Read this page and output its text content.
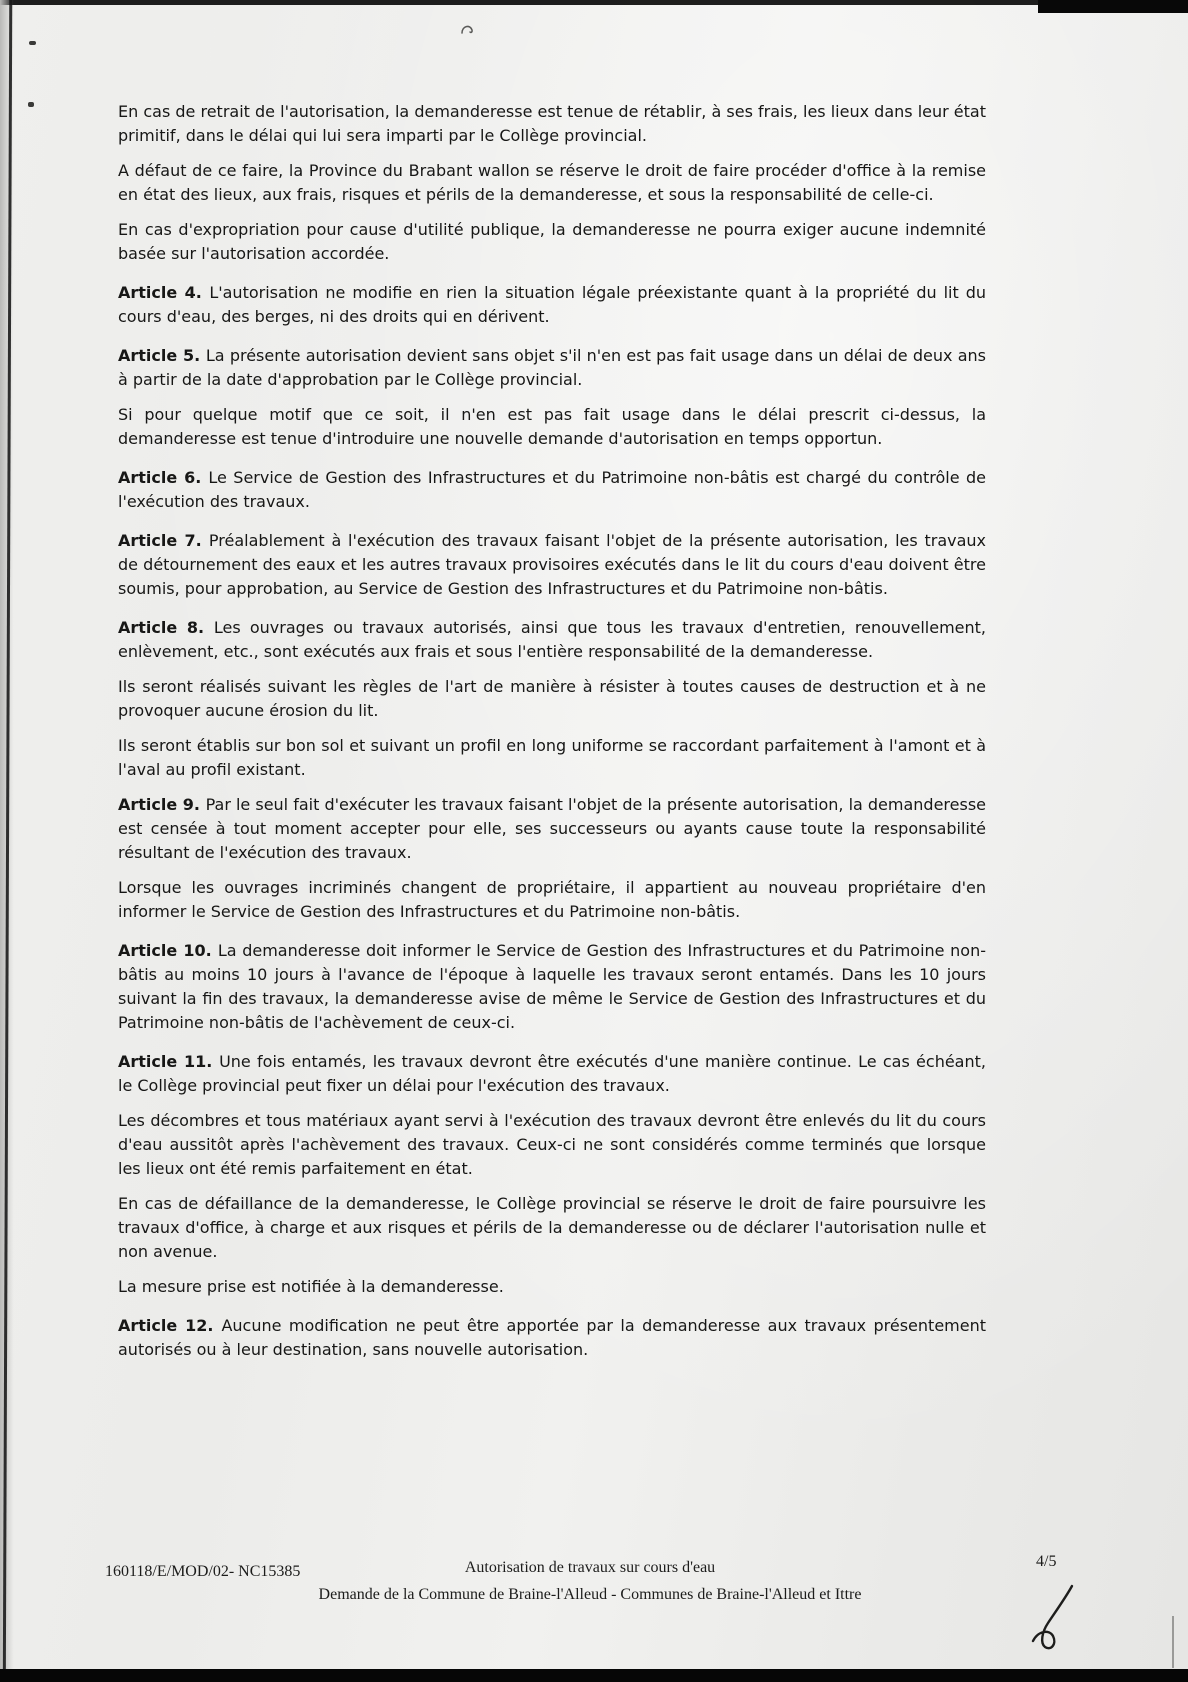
En cas de retrait de l'autorisation, la demanderesse est tenue de rétablir, à ses frais, les lieux dans leur état primitif, dans le délai qui lui sera imparti par le Collège provincial.

A défaut de ce faire, la Province du Brabant wallon se réserve le droit de faire procéder d'office à la remise en état des lieux, aux frais, risques et périls de la demanderesse, et sous la responsabilité de celle-ci.

En cas d'expropriation pour cause d'utilité publique, la demanderesse ne pourra exiger aucune indemnité basée sur l'autorisation accordée.

Article 4. L'autorisation ne modifie en rien la situation légale préexistante quant à la propriété du lit du cours d'eau, des berges, ni des droits qui en dérivent.

Article 5. La présente autorisation devient sans objet s'il n'en est pas fait usage dans un délai de deux ans à partir de la date d'approbation par le Collège provincial.

Si pour quelque motif que ce soit, il n'en est pas fait usage dans le délai prescrit ci-dessus, la demanderesse est tenue d'introduire une nouvelle demande d'autorisation en temps opportun.

Article 6. Le Service de Gestion des Infrastructures et du Patrimoine non-bâtis est chargé du contrôle de l'exécution des travaux.

Article 7. Préalablement à l'exécution des travaux faisant l'objet de la présente autorisation, les travaux de détournement des eaux et les autres travaux provisoires exécutés dans le lit du cours d'eau doivent être soumis, pour approbation, au Service de Gestion des Infrastructures et du Patrimoine non-bâtis.

Article 8. Les ouvrages ou travaux autorisés, ainsi que tous les travaux d'entretien, renouvellement, enlèvement, etc., sont exécutés aux frais et sous l'entière responsabilité de la demanderesse.

Ils seront réalisés suivant les règles de l'art de manière à résister à toutes causes de destruction et à ne provoquer aucune érosion du lit.

Ils seront établis sur bon sol et suivant un profil en long uniforme se raccordant parfaitement à l'amont et à l'aval au profil existant.

Article 9. Par le seul fait d'exécuter les travaux faisant l'objet de la présente autorisation, la demanderesse est censée à tout moment accepter pour elle, ses successeurs ou ayants cause toute la responsabilité résultant de l'exécution des travaux.

Lorsque les ouvrages incriminés changent de propriétaire, il appartient au nouveau propriétaire d'en informer le Service de Gestion des Infrastructures et du Patrimoine non-bâtis.

Article 10. La demanderesse doit informer le Service de Gestion des Infrastructures et du Patrimoine non-bâtis au moins 10 jours à l'avance de l'époque à laquelle les travaux seront entamés. Dans les 10 jours suivant la fin des travaux, la demanderesse avise de même le Service de Gestion des Infrastructures et du Patrimoine non-bâtis de l'achèvement de ceux-ci.

Article 11. Une fois entamés, les travaux devront être exécutés d'une manière continue. Le cas échéant, le Collège provincial peut fixer un délai pour l'exécution des travaux.

Les décombres et tous matériaux ayant servi à l'exécution des travaux devront être enlevés du lit du cours d'eau aussitôt après l'achèvement des travaux. Ceux-ci ne sont considérés comme terminés que lorsque les lieux ont été remis parfaitement en état.

En cas de défaillance de la demanderesse, le Collège provincial se réserve le droit de faire poursuivre les travaux d'office, à charge et aux risques et périls de la demanderesse ou de déclarer l'autorisation nulle et non avenue.

La mesure prise est notifiée à la demanderesse.

Article 12. Aucune modification ne peut être apportée par la demanderesse aux travaux présentement autorisés ou à leur destination, sans nouvelle autorisation.

160118/E/MOD/02- NC15385	Autorisation de travaux sur cours d'eau
Demande de la Commune de Braine-l'Alleud - Communes de Braine-l'Alleud et Ittre
4/5
